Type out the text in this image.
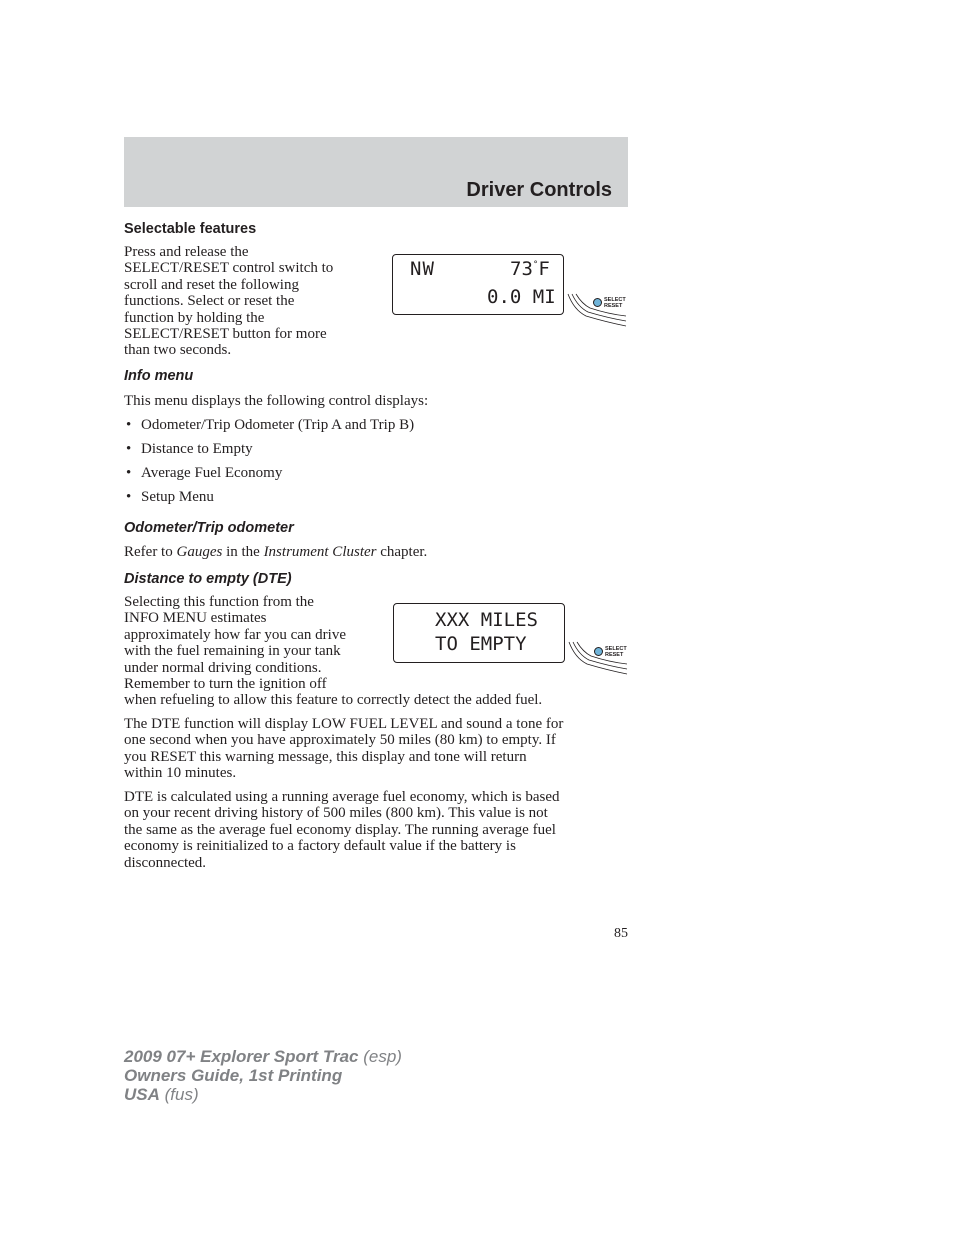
Driver Controls
Selectable features
Press and release the
SELECT/RESET control switch to
scroll and reset the following
functions. Select or reset the
function by holding the
SELECT/RESET button for more
than two seconds.
NW	73°F
0.0 MI	SELECT
RESET
Info menu
This menu displays the following control displays:
• Odometer/Trip Odometer (Trip A and Trip B)
• Distance to Empty
• Average Fuel Economy
• Setup Menu
Odometer/Trip odometer
Refer to Gauges in the Instrument Cluster chapter.
Distance to empty (DTE)
Selecting this function from the
INFO MENU estimates
approximately how far you can drive
with the fuel remaining in your tank
under normal driving conditions.
Remember to turn the ignition off
when refueling to allow this feature to correctly detect the added fuel.
XXX MILES
TO EMPTY	SELECT
RESET
The DTE function will display LOW FUEL LEVEL and sound a tone for
one second when you have approximately 50 miles (80 km) to empty. If
you RESET this warning message, this display and tone will return
within 10 minutes.
DTE is calculated using a running average fuel economy, which is based
on your recent driving history of 500 miles (800 km). This value is not
the same as the average fuel economy display. The running average fuel
economy is reinitialized to a factory default value if the battery is
disconnected.
85
2009 07+ Explorer Sport Trac (esp)
Owners Guide, 1st Printing
USA (fus)
